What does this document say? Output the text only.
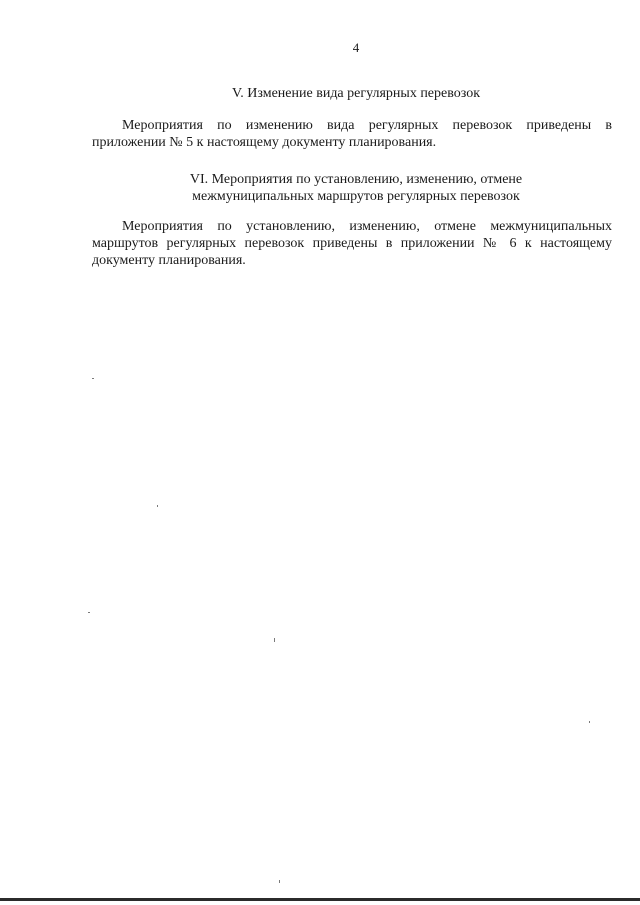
4
V. Изменение вида регулярных перевозок

Мероприятия по изменению вида регулярных перевозок приведены в приложении № 5 к настоящему документу планирования.

VI. Мероприятия по установлению, изменению, отмене
межмуниципальных маршрутов регулярных перевозок

Мероприятия по установлению, изменению, отмене межмуниципальных маршрутов регулярных перевозок приведены в приложении № 6 к настоящему документу планирования.
